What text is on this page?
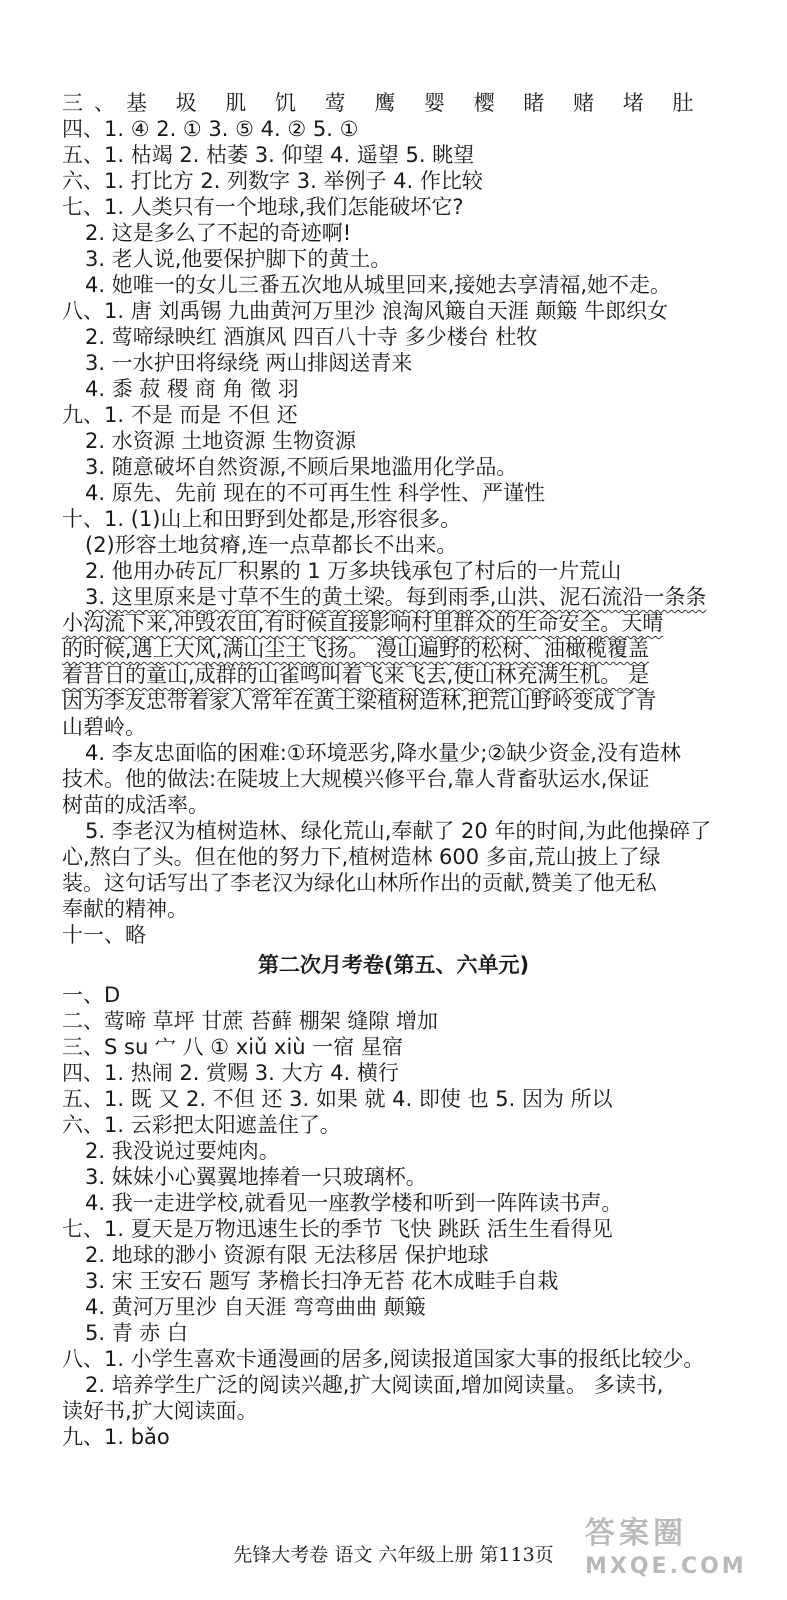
三、基 圾 肌 饥 莺 鹰 婴 樱 睹 赌 堵 肚
四、1. ④ 2. ① 3. ⑤ 4. ② 5. ①
五、1. 枯竭 2. 枯萎 3. 仰望 4. 遥望 5. 眺望
六、1. 打比方 2. 列数字 3. 举例子 4. 作比较
七、1. 人类只有一个地球,我们怎能破坏它?
2. 这是多么了不起的奇迹啊!
3. 老人说,他要保护脚下的黄土。
4. 她唯一的女儿三番五次地从城里回来,接她去享清福,她不走。
八、1. 唐 刘禹锡 九曲黄河万里沙 浪淘风簸自天涯 颠簸 牛郎织女
2. 莺啼绿映红 酒旗风 四百八十寺 多少楼台 杜牧
3. 一水护田将绿绕 两山排闼送青来
4. 黍 菽 稷 商 角 徵 羽
九、1. 不是 而是 不但 还
2. 水资源 土地资源 生物资源
3. 随意破坏自然资源,不顾后果地滥用化学品。
4. 原先、先前 现在的不可再生性 科学性、严谨性
十、1. (1)山上和田野到处都是,形容很多。
(2)形容土地贫瘠,连一点草都长不出来。
2. 他用办砖瓦厂积累的 1 万多块钱承包了村后的一片荒山
3. 这里原来是寸草不生的黄土梁。每到雨季,山洪、泥石流沿一条条
小沟流下来,冲毁农田,有时候直接影响村里群众的生命安全。天晴
的时候,遇上大风,满山尘土飞扬。 漫山遍野的松树、油橄榄覆盖
着昔日的童山,成群的山雀鸣叫着飞来飞去,使山林充满生机。 是
因为李友忠带着家人常年在黄土梁植树造林,把荒山野岭变成了青
山碧岭。
4. 李友忠面临的困难:①环境恶劣,降水量少;②缺少资金,没有造林
技术。他的做法:在陡坡上大规模兴修平台,靠人背畜驮运水,保证
树苗的成活率。
5. 李老汉为植树造林、绿化荒山,奉献了 20 年的时间,为此他操碎了
心,熬白了头。但在他的努力下,植树造林 600 多亩,荒山披上了绿
装。这句话写出了李老汉为绿化山林所作出的贡献,赞美了他无私
奉献的精神。
十一、略
第二次月考卷(第五、六单元)
一、D
二、莺啼 草坪 甘蔗 苔藓 棚架 缝隙 增加
三、S su 宀 八 ① xiǔ xiù 一宿 星宿
四、1. 热闹 2. 赏赐 3. 大方 4. 横行
五、1. 既 又 2. 不但 还 3. 如果 就 4. 即使 也 5. 因为 所以
六、1. 云彩把太阳遮盖住了。
2. 我没说过要炖肉。
3. 妹妹小心翼翼地捧着一只玻璃杯。
4. 我一走进学校,就看见一座教学楼和听到一阵阵读书声。
七、1. 夏天是万物迅速生长的季节 飞快 跳跃 活生生看得见
2. 地球的渺小 资源有限 无法移居 保护地球
3. 宋 王安石 题写 茅檐长扫净无苔 花木成畦手自栽
4. 黄河万里沙 自天涯 弯弯曲曲 颠簸
5. 青 赤 白
八、1. 小学生喜欢卡通漫画的居多,阅读报道国家大事的报纸比较少。
2. 培养学生广泛的阅读兴趣,扩大阅读面,增加阅读量。 多读书,
读好书,扩大阅读面。
九、1. bǎo
先锋大考卷 语文 六年级上册 第113页
答案圈
MXQE.COM
